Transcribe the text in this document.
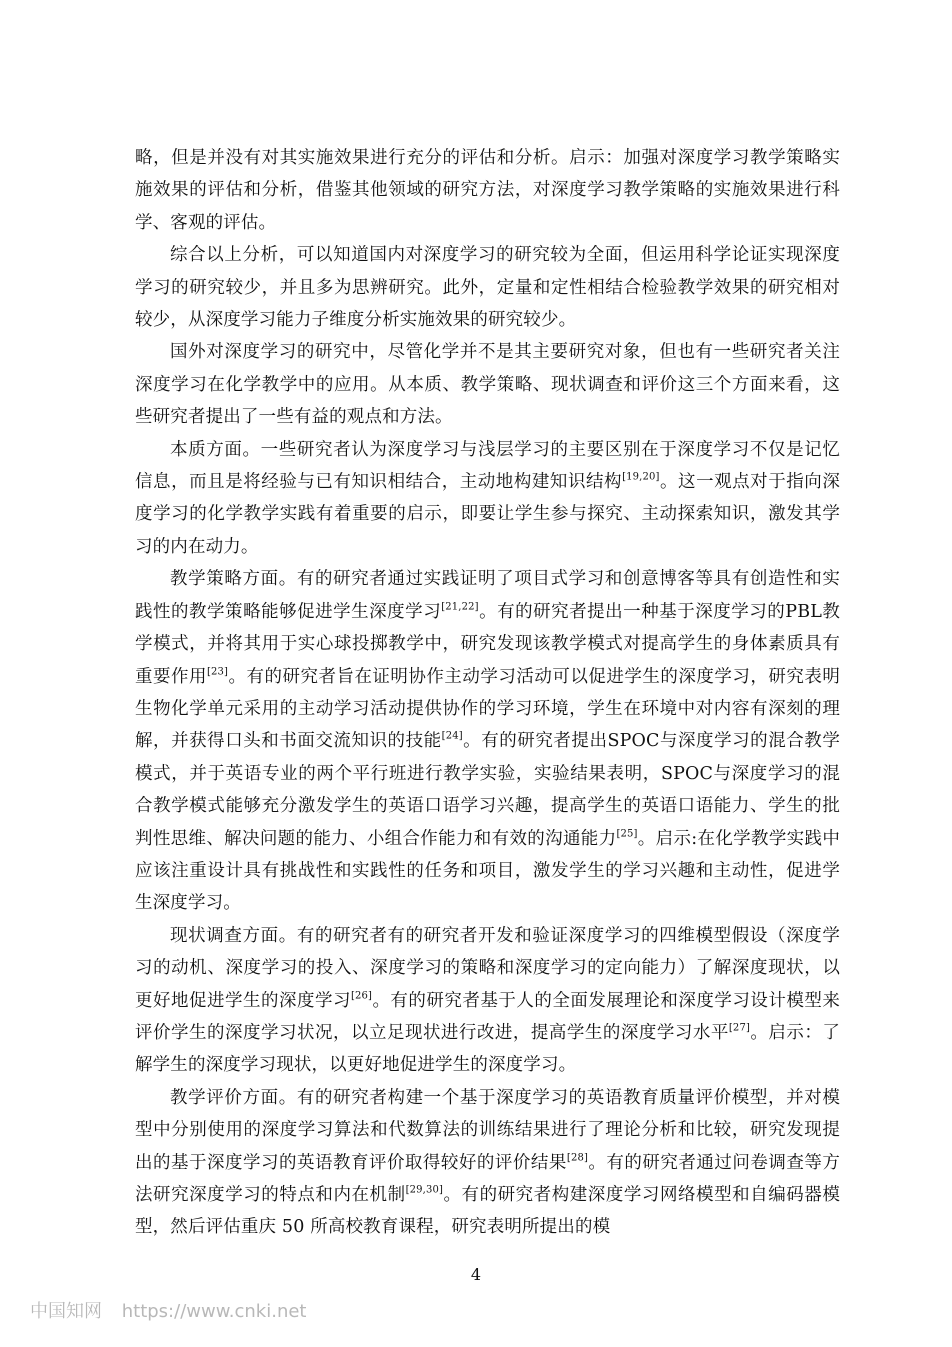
略，但是并没有对其实施效果进行充分的评估和分析。启示：加强对深度学习教学策略实施效果的评估和分析，借鉴其他领域的研究方法，对深度学习教学策略的实施效果进行科学、客观的评估。

综合以上分析，可以知道国内对深度学习的研究较为全面，但运用科学论证实现深度学习的研究较少，并且多为思辨研究。此外，定量和定性相结合检验教学效果的研究相对较少，从深度学习能力子维度分析实施效果的研究较少。

国外对深度学习的研究中，尽管化学并不是其主要研究对象，但也有一些研究者关注深度学习在化学教学中的应用。从本质、教学策略、现状调查和评价这三个方面来看，这些研究者提出了一些有益的观点和方法。

本质方面。一些研究者认为深度学习与浅层学习的主要区别在于深度学习不仅是记忆信息，而且是将经验与已有知识相结合，主动地构建知识结构[19,20]。这一观点对于指向深度学习的化学教学实践有着重要的启示，即要让学生参与探究、主动探索知识，激发其学习的内在动力。

教学策略方面。有的研究者通过实践证明了项目式学习和创意博客等具有创造性和实践性的教学策略能够促进学生深度学习[21,22]。有的研究者提出一种基于深度学习的PBL教学模式，并将其用于实心球投掷教学中，研究发现该教学模式对提高学生的身体素质具有重要作用[23]。有的研究者旨在证明协作主动学习活动可以促进学生的深度学习，研究表明生物化学单元采用的主动学习活动提供协作的学习环境，学生在环境中对内容有深刻的理解，并获得口头和书面交流知识的技能[24]。有的研究者提出SPOC与深度学习的混合教学模式，并于英语专业的两个平行班进行教学实验，实验结果表明，SPOC与深度学习的混合教学模式能够充分激发学生的英语口语学习兴趣，提高学生的英语口语能力、学生的批判性思维、解决问题的能力、小组合作能力和有效的沟通能力[25]。启示:在化学教学实践中应该注重设计具有挑战性和实践性的任务和项目，激发学生的学习兴趣和主动性，促进学生深度学习。

现状调查方面。有的研究者有的研究者开发和验证深度学习的四维模型假设（深度学习的动机、深度学习的投入、深度学习的策略和深度学习的定向能力）了解深度现状，以更好地促进学生的深度学习[26]。有的研究者基于人的全面发展理论和深度学习设计模型来评价学生的深度学习状况，以立足现状进行改进，提高学生的深度学习水平[27]。启示：了解学生的深度学习现状，以更好地促进学生的深度学习。

教学评价方面。有的研究者构建一个基于深度学习的英语教育质量评价模型，并对模型中分别使用的深度学习算法和代数算法的训练结果进行了理论分析和比较，研究发现提出的基于深度学习的英语教育评价取得较好的评价结果[28]。有的研究者通过问卷调查等方法研究深度学习的特点和内在机制[29,30]。有的研究者构建深度学习网络模型和自编码器模型，然后评估重庆 50 所高校教育课程，研究表明所提出的模

4
中国知网 https://www.cnki.net
